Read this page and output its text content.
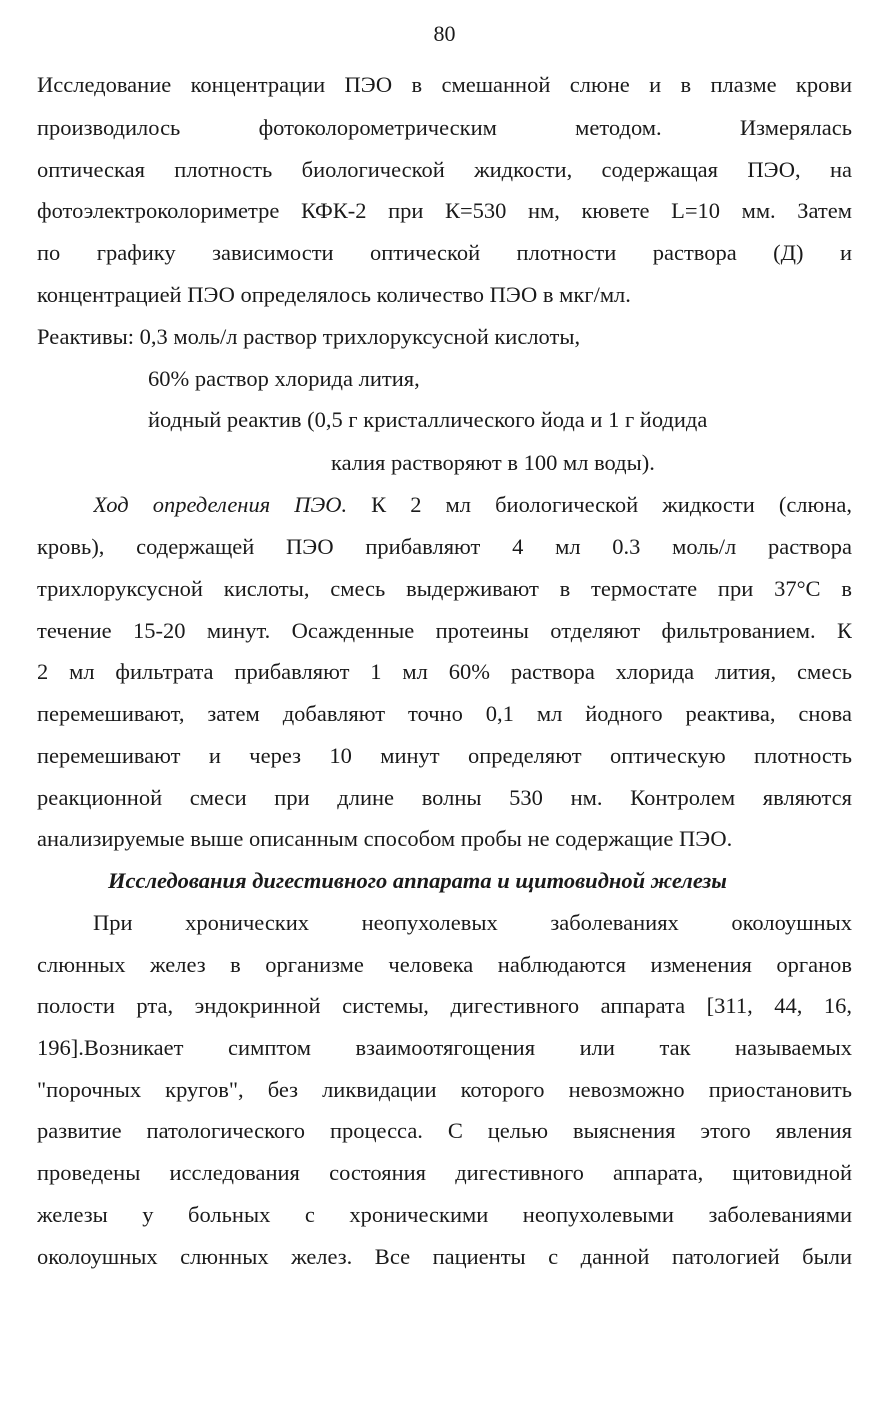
80
Исследование концентрации ПЭО в смешанной слюне и в плазме крови
производилось фотоколорометрическим методом. Измерялась
оптическая плотность биологической жидкости, содержащая ПЭО, на
фотоэлектроколориметре КФК-2 при К=530 нм, кювете L=10 мм. Затем
по графику зависимости оптической плотности раствора (Д) и
концентрацией ПЭО определялось количество ПЭО в мкг/мл.
Реактивы: 0,3 моль/л раствор трихлоруксусной кислоты,
60% раствор хлорида лития,
йодный реактив (0,5 г кристаллического йода и 1 г йодида
калия растворяют в 100 мл воды).
Ход определения ПЭО. К 2 мл биологической жидкости (слюна,
кровь), содержащей ПЭО прибавляют 4 мл 0.3 моль/л раствора
трихлоруксусной кислоты, смесь выдерживают в термостате при 37°С в
течение 15-20 минут. Осажденные протеины отделяют фильтрованием. К
2 мл фильтрата прибавляют 1 мл 60% раствора хлорида лития, смесь
перемешивают, затем добавляют точно 0,1 мл йодного реактива, снова
перемешивают и через 10 минут определяют оптическую плотность
реакционной смеси при длине волны 530 нм. Контролем являются
анализируемые выше описанным способом пробы не содержащие ПЭО.
Исследования дигестивного аппарата и щитовидной железы
При хронических неопухолевых заболеваниях околоушных
слюнных желез в организме человека наблюдаются изменения органов
полости рта, эндокринной системы, дигестивного аппарата [311, 44, 16,
196].Возникает симптом взаимоотягощения или так называемых
"порочных кругов", без ликвидации которого невозможно приостановить
развитие патологического процесса. С целью выяснения этого явления
проведены исследования состояния дигестивного аппарата, щитовидной
железы у больных с хроническими неопухолевыми заболеваниями
околоушных слюнных желез. Все пациенты с данной патологией были
